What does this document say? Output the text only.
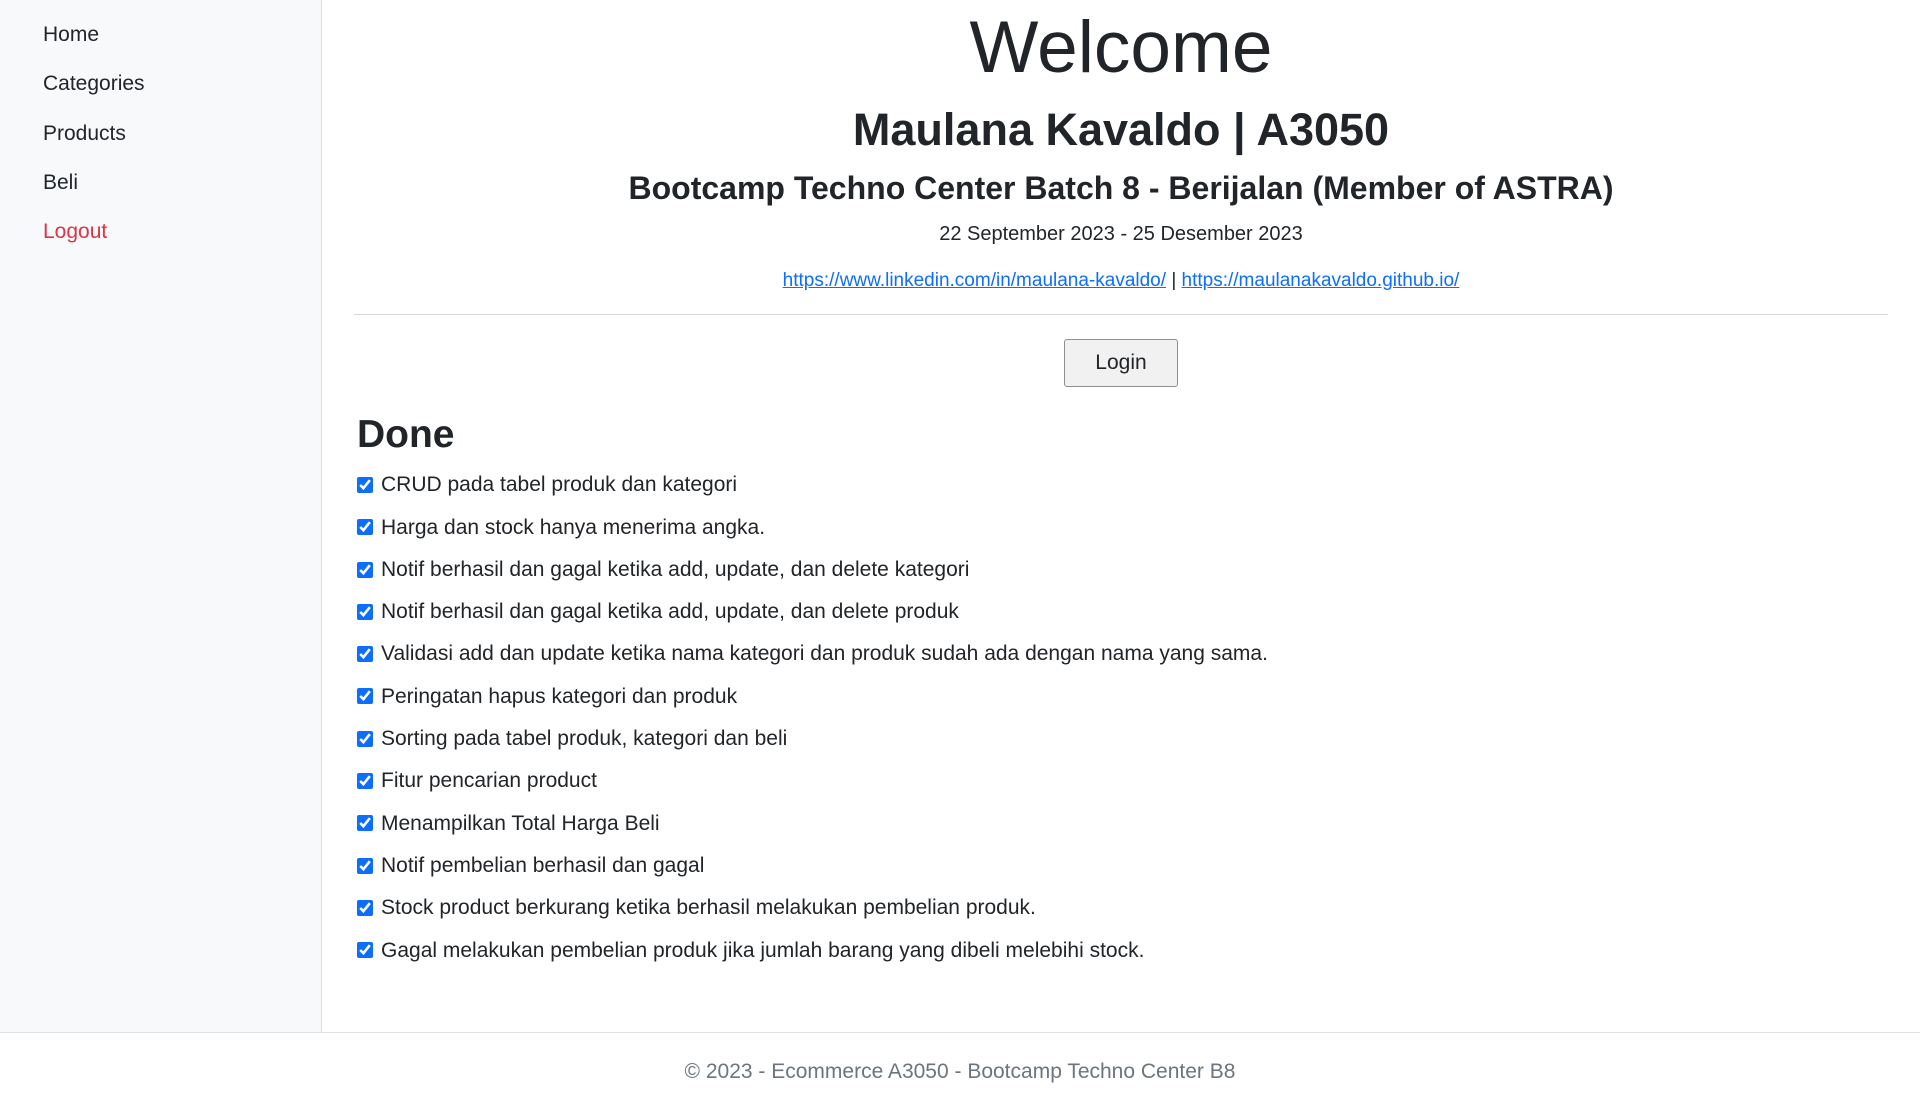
Home
Categories
Products
Beli
Logout
Welcome
Maulana Kavaldo | A3050
Bootcamp Techno Center Batch 8 - Berijalan (Member of ASTRA)

22 September 2023 - 25 Desember 2023

https://www.linkedin.com/in/maulana-kavaldo/ | https://maulanakavaldo.github.io/

Login
Done
CRUD pada tabel produk dan kategori
Harga dan stock hanya menerima angka.
Notif berhasil dan gagal ketika add, update, dan delete kategori
Notif berhasil dan gagal ketika add, update, dan delete produk
Validasi add dan update ketika nama kategori dan produk sudah ada dengan nama yang sama.
Peringatan hapus kategori dan produk
Sorting pada tabel produk, kategori dan beli
Fitur pencarian product
Menampilkan Total Harga Beli
Notif pembelian berhasil dan gagal
Stock product berkurang ketika berhasil melakukan pembelian produk.
Gagal melakukan pembelian produk jika jumlah barang yang dibeli melebihi stock.
© 2023 - Ecommerce A3050 - Bootcamp Techno Center B8
